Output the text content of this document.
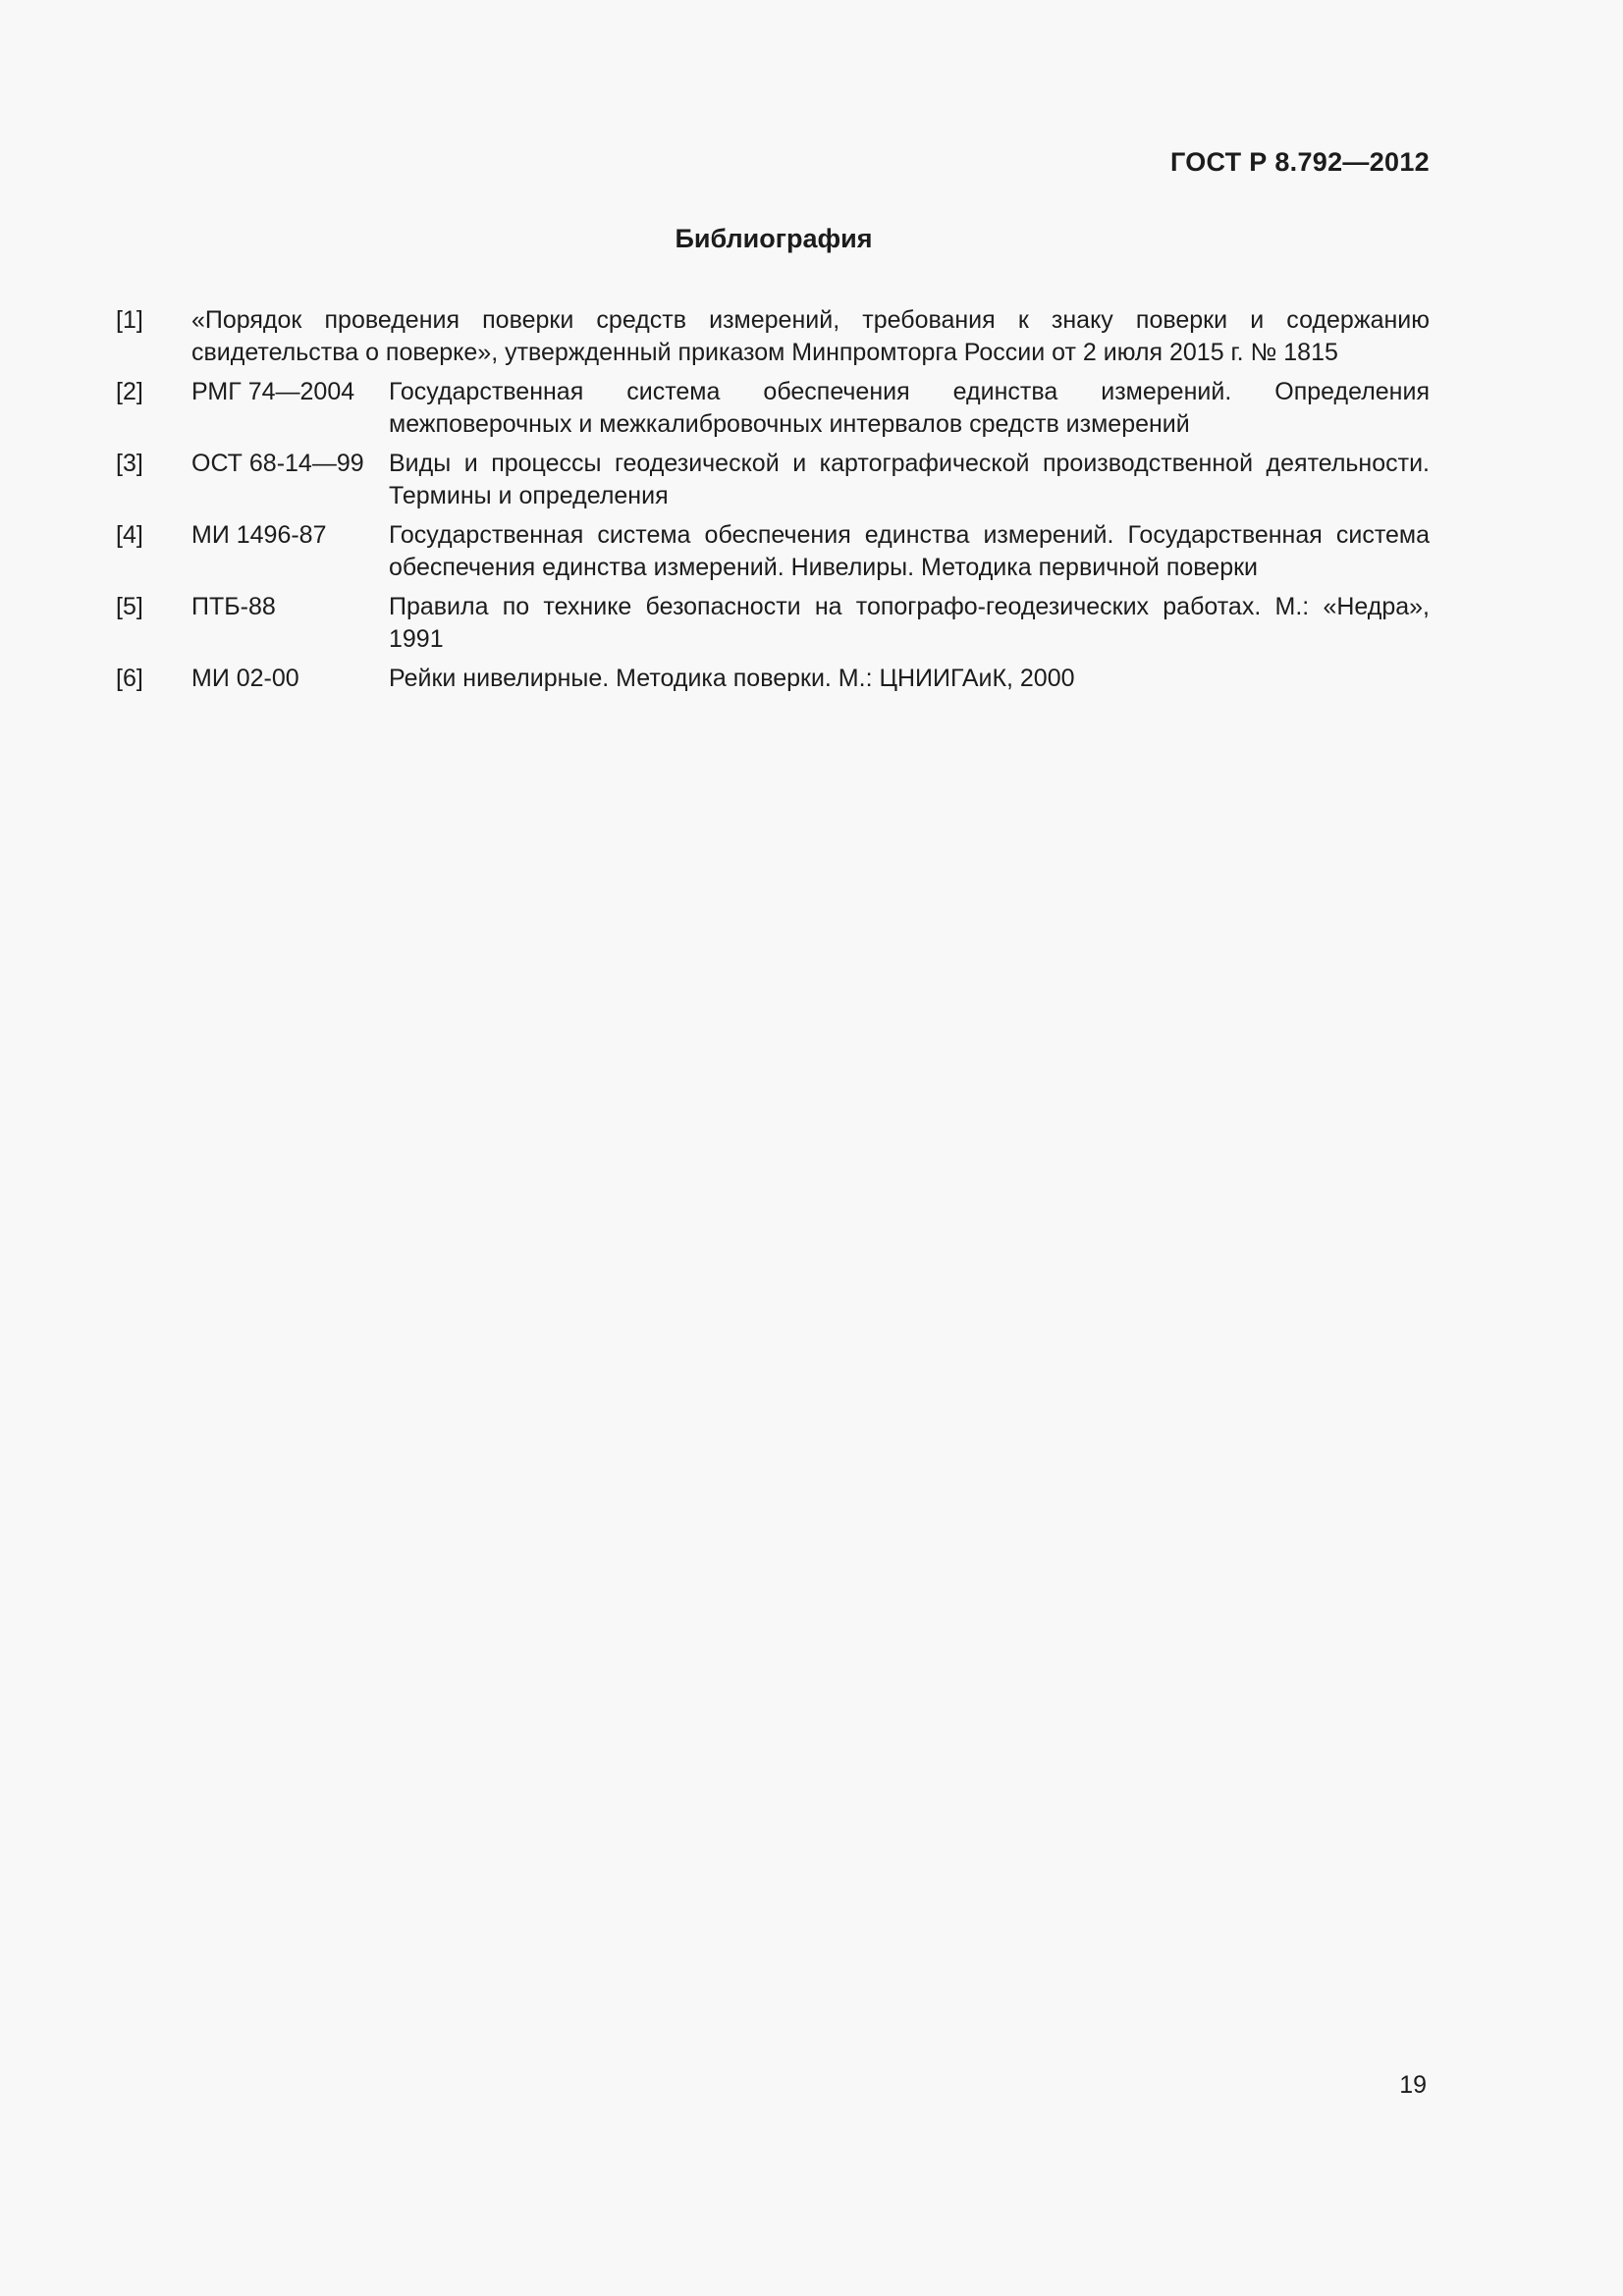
ГОСТ Р 8.792—2012
Библиография
[1] «Порядок проведения поверки средств измерений, требования к знаку поверки и содержанию свидетельства о поверке», утвержденный приказом Минпромторга России от 2 июля 2015 г. № 1815
[2] РМГ 74—2004 Государственная система обеспечения единства измерений. Определения межповерочных и межкалибровочных интервалов средств измерений
[3] ОСТ 68-14—99 Виды и процессы геодезической и картографической производственной деятельности. Термины и определения
[4] МИ 1496-87	Государственная система обеспечения единства измерений. Государственная система обеспечения единства измерений. Нивелиры. Методика первичной поверки
[5] ПТБ-88	Правила по технике безопасности на топографо-геодезических работах. М.: «Недра», 1991
[6] МИ 02-00	Рейки нивелирные. Методика поверки. М.: ЦНИИГАиК, 2000
19
